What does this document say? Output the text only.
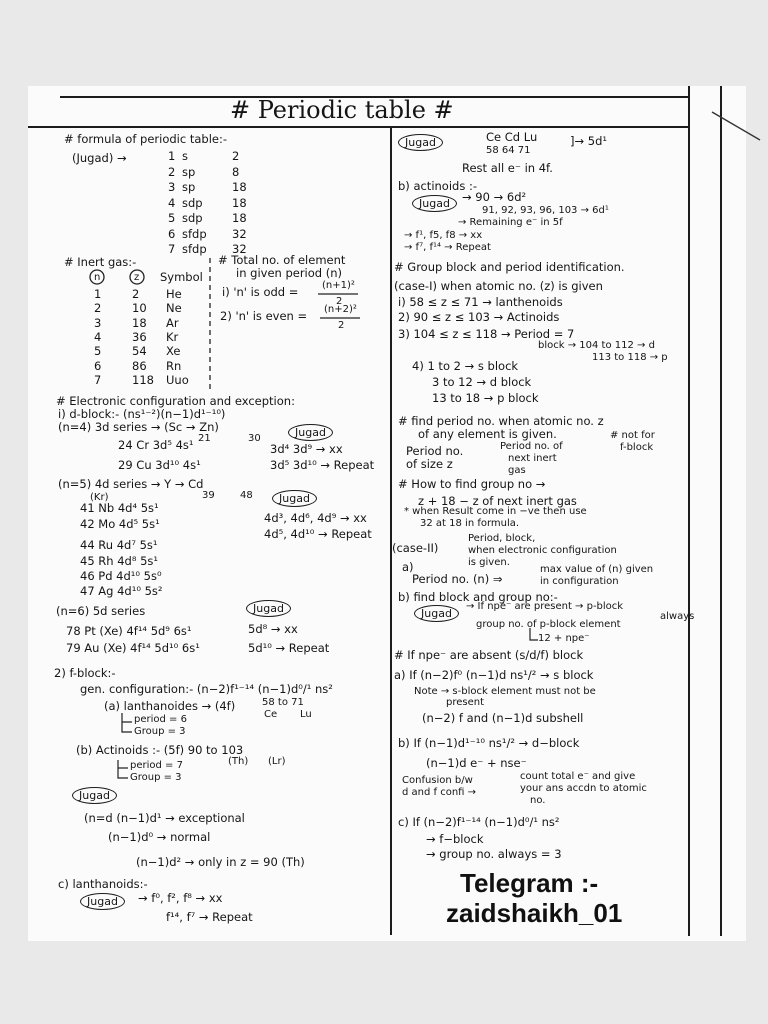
# Periodic table #
# formula of periodic table:-
(Jugad) →	1 s	2
2 sp	8
3 sp	18
4 sdp	18
5 sdp	18
6 sfdp 32
7 sfdp 32
# Inert gas:-
n	z Symbol
1	2 He
2	10 Ne
3	18 Ar
4	36 Kr
5	54 Xe
6	86 Rn
7	118 Uuo
# Total no. of element
in given period (n)
i) 'n' is odd = (n+1)²
2
2) 'n' is even = (n+2)²
2
# Electronic configuration and exception:
i) d-block:- (ns¹⁻²)(n−1)d¹⁻¹⁰)
(n=4) 3d series → (Sc → Zn)
21	30
24 Cr 3d⁵ 4s¹
29 Cu 3d¹⁰ 4s¹
Jugad
3d⁴ 3d⁹ → xx
3d⁵ 3d¹⁰ → Repeat
(n=5) 4d series → Y → Cd
39	48
(Kr)
41 Nb 4d⁴ 5s¹
42 Mo 4d⁵ 5s¹
44 Ru 4d⁷ 5s¹
45 Rh 4d⁸ 5s¹
46 Pd 4d¹⁰ 5s⁰
47 Ag 4d¹⁰ 5s²
Jugad
4d³, 4d⁶, 4d⁹ → xx
4d⁵, 4d¹⁰ → Repeat
(n=6) 5d series
78 Pt (Xe) 4f¹⁴ 5d⁹ 6s¹
79 Au (Xe) 4f¹⁴ 5d¹⁰ 6s¹
Jugad
5d⁸ → xx
5d¹⁰ → Repeat
2) f-block:-
gen. configuration:- (n−2)f¹⁻¹⁴ (n−1)d⁰/¹ ns²
(a) lanthanoides → (4f)	58 to 71
Ce Lu
period = 6
Group = 3
(b) Actinoids :- (5f) 90 to 103
(Th) (Lr)
period = 7
Group = 3
Jugad
(n=d (n−1)d¹ → exceptional
(n−1)d⁰ → normal
(n−1)d² → only in z = 90 (Th)
c) lanthanoids:-
Jugad	→ f⁰, f², f⁸ → xx
f¹⁴, f⁷ → Repeat
Jugad	Ce Cd Lu
58 64 71
]→ 5d¹
Rest all e⁻ in 4f.
b) actinoids :-
Jugad	→ 90 → 6d²
91, 92, 93, 96, 103 → 6d¹
→ Remaining e⁻ in 5f
→ f¹, f5, f8 → xx
→ f⁷, f¹⁴ → Repeat
# Group block and period identification.
(case-I) when atomic no. (z) is given
i) 58 ≤ z ≤ 71 → lanthenoids
2) 90 ≤ z ≤ 103 → Actinoids
3) 104 ≤ z ≤ 118 → Period = 7
block → 104 to 112 → d
113 to 118 → p
4) 1 to 2 → s block
3 to 12 → d block
13 to 18 → p block
# find period no. when atomic no. z
of any element is given.	# not for
f-block
Period no.
of size z
Period no. of
next inert
gas
# How to find group no →
z + 18 − z of next inert gas
* when Result come in −ve then use
32 at 18 in formula.
(case-II)
Period, block,
when electronic configuration
is given.
a)
Period no. (n) ⇒
max value of (n) given
in configuration
b) find block and group no:-
Jugad
→ If npe⁻ are present → p-block
always
group no. of p-block element
12 + npe⁻
# If npe⁻ are absent (s/d/f) block
a) If (n−2)f⁰ (n−1)d ns¹/² → s block
Note → s-block element must not be
present
(n−2) f and (n−1)d subshell
b) If (n−1)d¹⁻¹⁰ ns¹/² → d−block
(n−1)d e⁻ + nse⁻
Confusion b/w
d and f confi →
count total e⁻ and give
your ans accdn to atomic
no.
c) If (n−2)f¹⁻¹⁴ (n−1)d⁰/¹ ns²
→ f−block
→ group no. always = 3
Telegram :-
zaidshaikh_01
